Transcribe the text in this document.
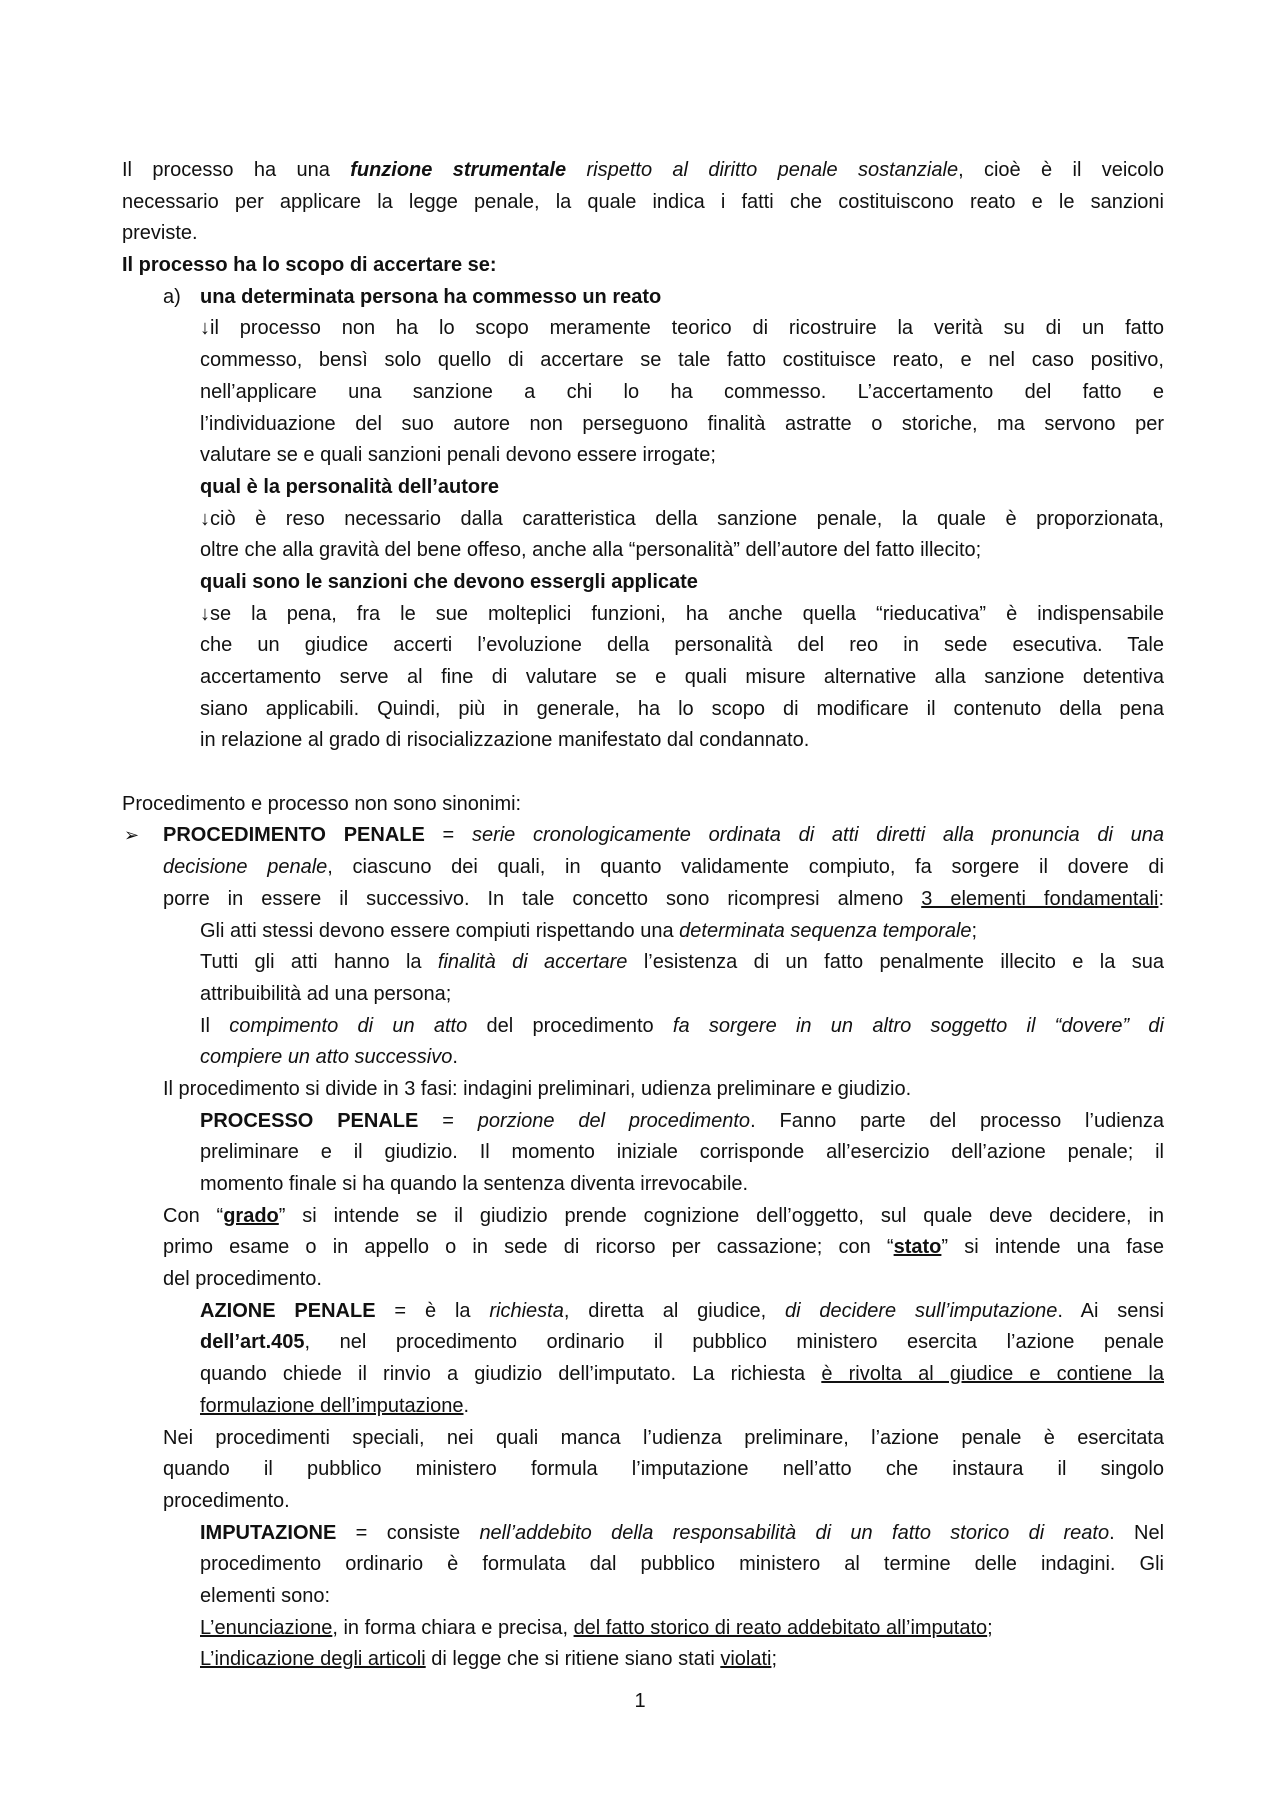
Il processo ha una funzione strumentale rispetto al diritto penale sostanziale, cioè è il veicolo
necessario per applicare la legge penale, la quale indica i fatti che costituiscono reato e le sanzioni
previste.
Il processo ha lo scopo di accertare se:
a) una determinata persona ha commesso un reato
↓il processo non ha lo scopo meramente teorico di ricostruire la verità su di un fatto
commesso, bensì solo quello di accertare se tale fatto costituisce reato, e nel caso positivo,
nell’applicare una sanzione a chi lo ha commesso. L’accertamento del fatto e
l’individuazione del suo autore non perseguono finalità astratte o storiche, ma servono per
valutare se e quali sanzioni penali devono essere irrogate;
qual è la personalità dell’autore
↓ciò è reso necessario dalla caratteristica della sanzione penale, la quale è proporzionata,
oltre che alla gravità del bene offeso, anche alla “personalità” dell’autore del fatto illecito;
quali sono le sanzioni che devono essergli applicate
↓se la pena, fra le sue molteplici funzioni, ha anche quella “rieducativa” è indispensabile
che un giudice accerti l’evoluzione della personalità del reo in sede esecutiva. Tale
accertamento serve al fine di valutare se e quali misure alternative alla sanzione detentiva
siano applicabili. Quindi, più in generale, ha lo scopo di modificare il contenuto della pena
in relazione al grado di risocializzazione manifestato dal condannato.
Procedimento e processo non sono sinonimi:
➢ PROCEDIMENTO PENALE = serie cronologicamente ordinata di atti diretti alla pronuncia di una
decisione penale, ciascuno dei quali, in quanto validamente compiuto, fa sorgere il dovere di
porre in essere il successivo. In tale concetto sono ricompresi almeno 3 elementi fondamentali:
Gli atti stessi devono essere compiuti rispettando una determinata sequenza temporale;
Tutti gli atti hanno la finalità di accertare l’esistenza di un fatto penalmente illecito e la sua
attribuibilità ad una persona;
Il compimento di un atto del procedimento fa sorgere in un altro soggetto il “dovere” di
compiere un atto successivo.
Il procedimento si divide in 3 fasi: indagini preliminari, udienza preliminare e giudizio.
PROCESSO PENALE = porzione del procedimento. Fanno parte del processo l’udienza
preliminare e il giudizio. Il momento iniziale corrisponde all’esercizio dell’azione penale; il
momento finale si ha quando la sentenza diventa irrevocabile.
Con “grado” si intende se il giudizio prende cognizione dell’oggetto, sul quale deve decidere, in
primo esame o in appello o in sede di ricorso per cassazione; con “stato” si intende una fase
del procedimento.
AZIONE PENALE = è la richiesta, diretta al giudice, di decidere sull’imputazione. Ai sensi
dell’art.405, nel procedimento ordinario il pubblico ministero esercita l’azione penale
quando chiede il rinvio a giudizio dell’imputato. La richiesta è rivolta al giudice e contiene la
formulazione dell’imputazione.
Nei procedimenti speciali, nei quali manca l’udienza preliminare, l’azione penale è esercitata
quando il pubblico ministero formula l’imputazione nell’atto che instaura il singolo
procedimento.
IMPUTAZIONE = consiste nell’addebito della responsabilità di un fatto storico di reato. Nel
procedimento ordinario è formulata dal pubblico ministero al termine delle indagini. Gli
elementi sono:
L’enunciazione, in forma chiara e precisa, del fatto storico di reato addebitato all’imputato;
L’indicazione degli articoli di legge che si ritiene siano stati violati;
1
